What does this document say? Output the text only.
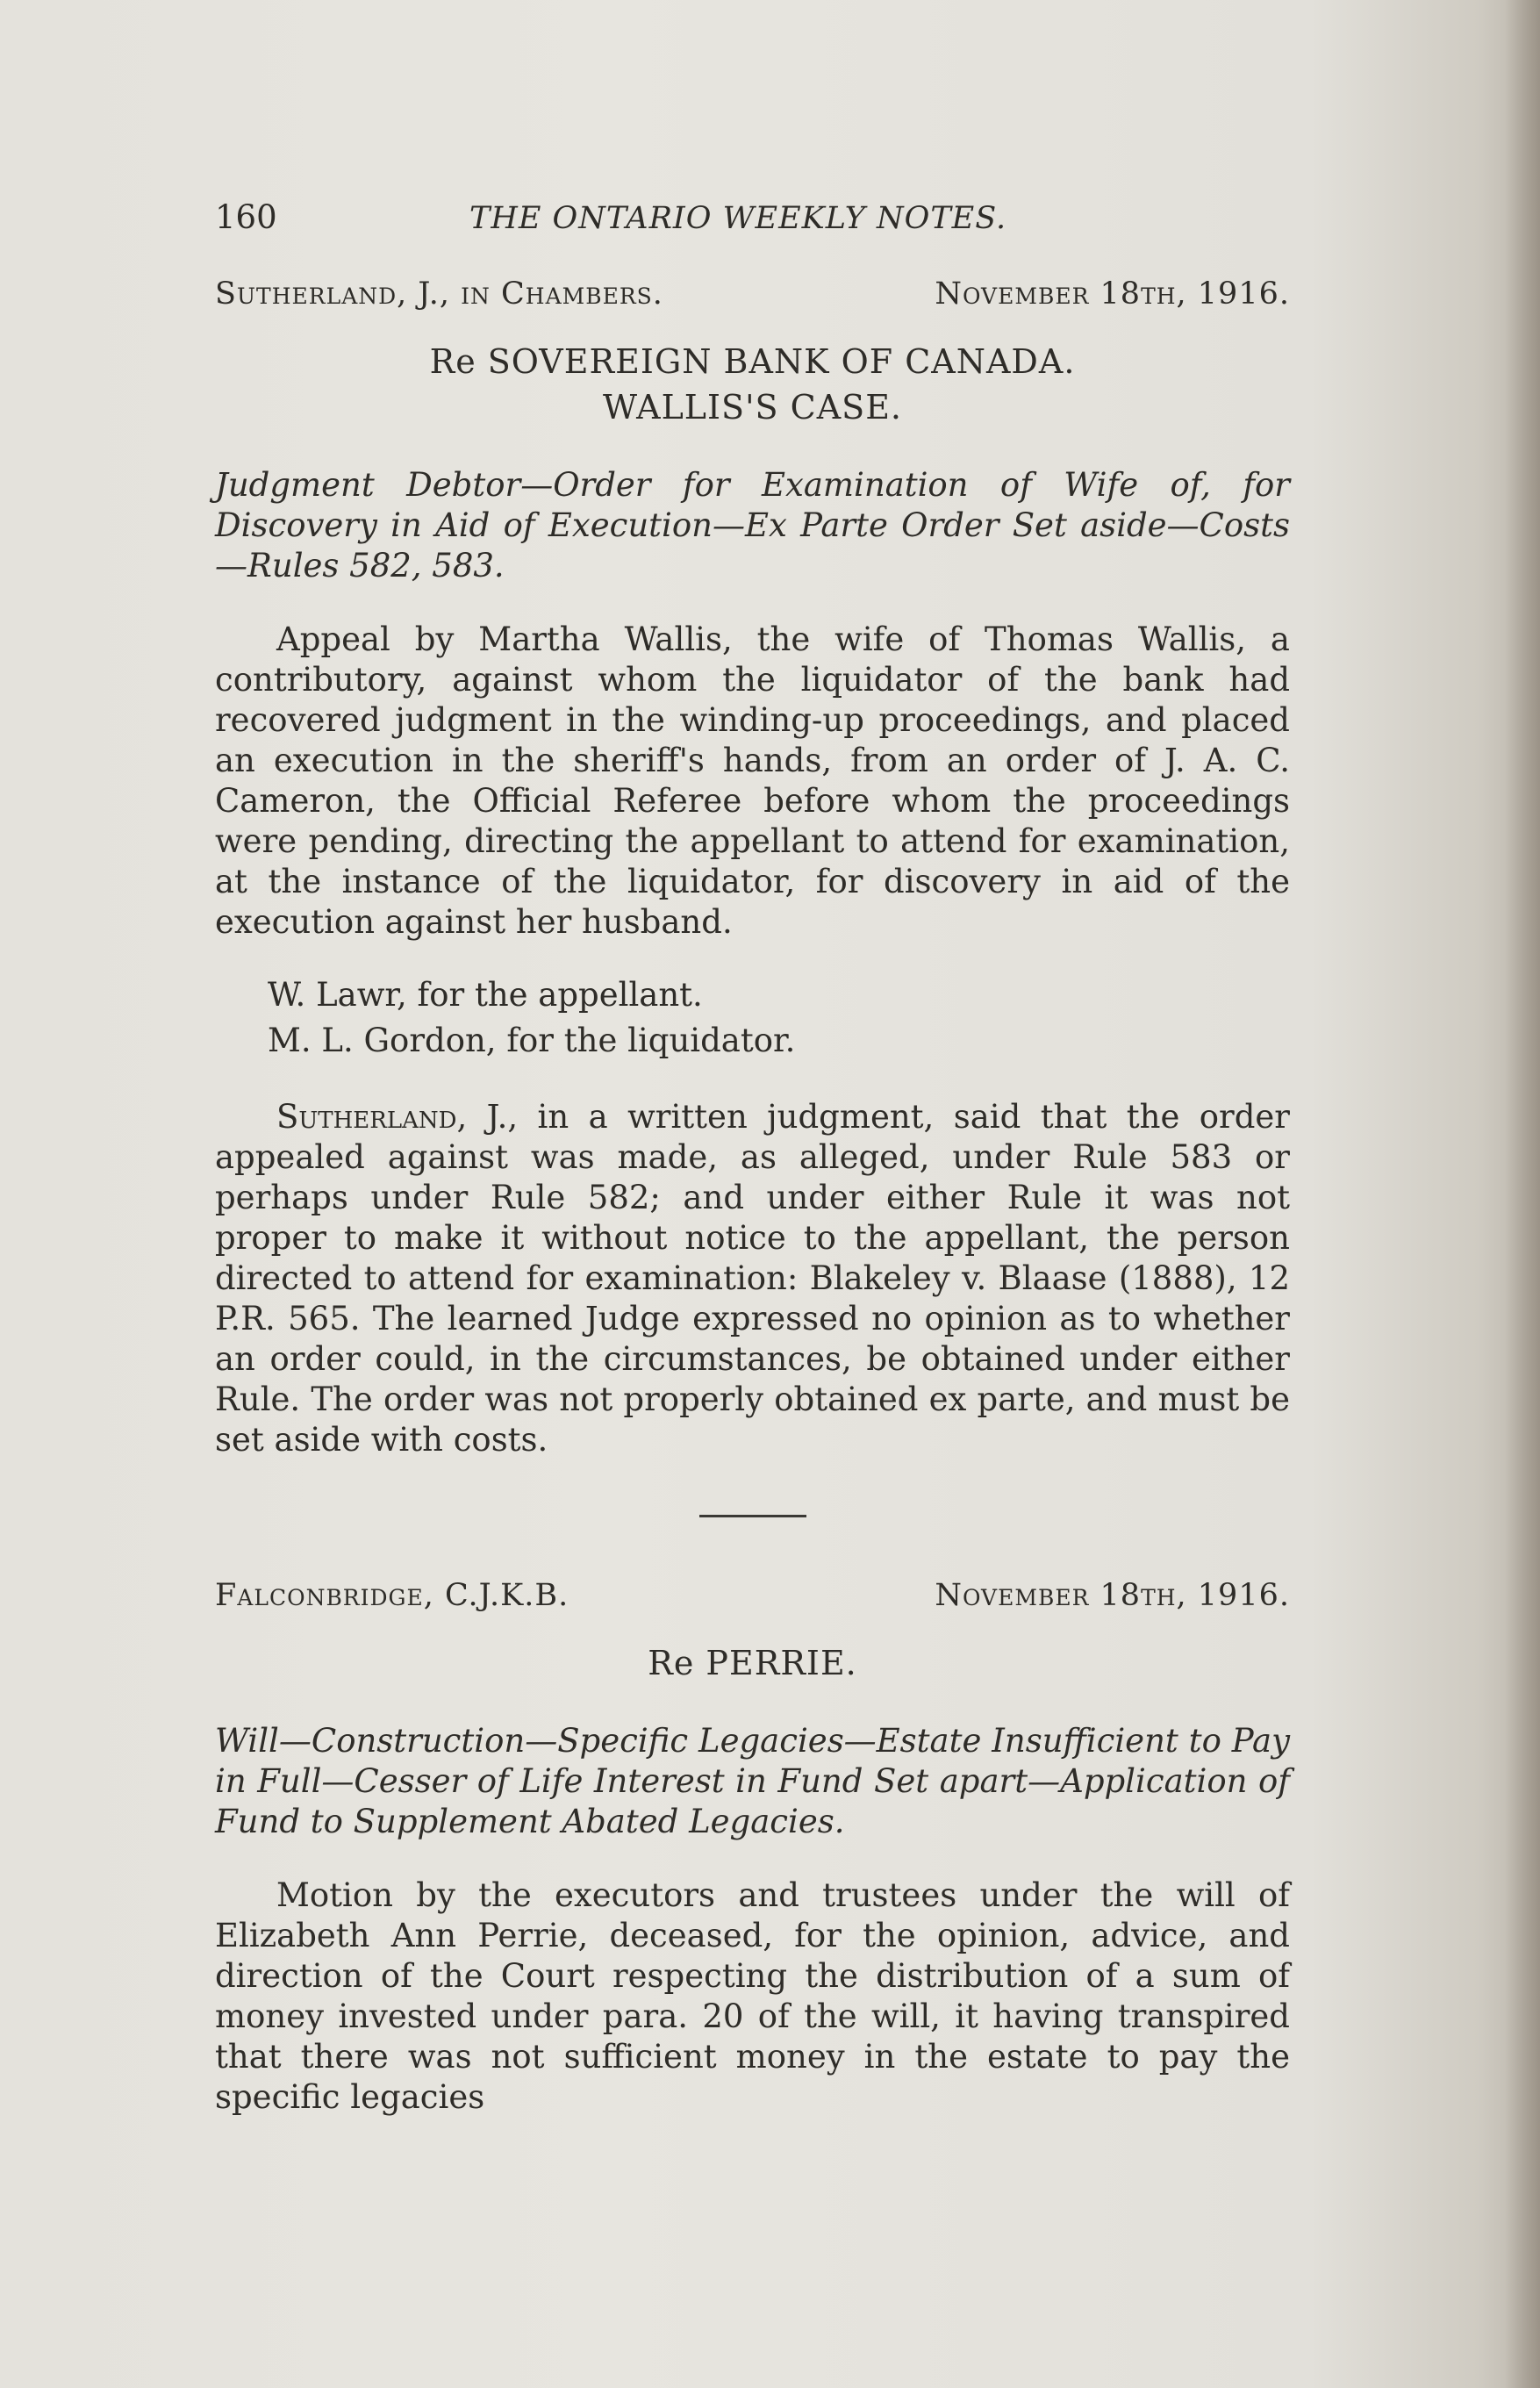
160	THE ONTARIO WEEKLY NOTES.
Sutherland, J., in Chambers.	November 18th, 1916.
Re SOVEREIGN BANK OF CANADA.
WALLIS'S CASE.
Judgment Debtor—Order for Examination of Wife of, for Discovery in Aid of Execution—Ex Parte Order Set aside—Costs —Rules 582, 583.

Appeal by Martha Wallis, the wife of Thomas Wallis, a contributory, against whom the liquidator of the bank had recovered judgment in the winding-up proceedings, and placed an execution in the sheriff's hands, from an order of J. A. C. Cameron, the Official Referee before whom the proceedings were pending, directing the appellant to attend for examination, at the instance of the liquidator, for discovery in aid of the execution against her husband.

W. Lawr, for the appellant.
M. L. Gordon, for the liquidator.

Sutherland, J., in a written judgment, said that the order appealed against was made, as alleged, under Rule 583 or perhaps under Rule 582; and under either Rule it was not proper to make it without notice to the appellant, the person directed to attend for examination: Blakeley v. Blaase (1888), 12 P.R. 565. The learned Judge expressed no opinion as to whether an order could, in the circumstances, be obtained under either Rule. The order was not properly obtained ex parte, and must be set aside with costs.

Falconbridge, C.J.K.B.	November 18th, 1916.
Re PERRIE.
Will—Construction—Specific Legacies—Estate Insufficient to Pay in Full—Cesser of Life Interest in Fund Set apart—Application of Fund to Supplement Abated Legacies.

Motion by the executors and trustees under the will of Elizabeth Ann Perrie, deceased, for the opinion, advice, and direction of the Court respecting the distribution of a sum of money invested under para. 20 of the will, it having transpired that there was not sufficient money in the estate to pay the specific legacies
